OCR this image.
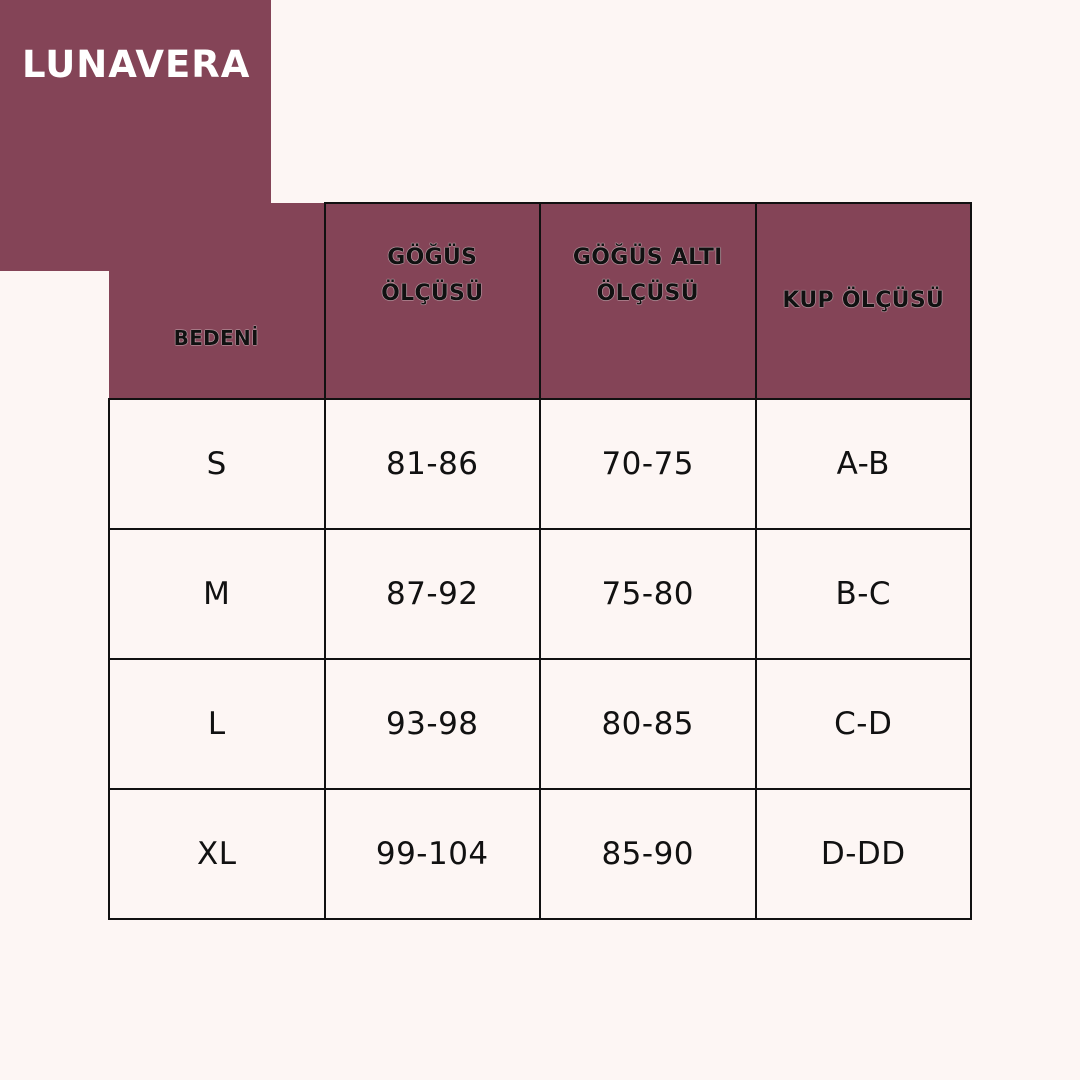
LUNAVERA
BEDENİ	GÖĞÜS ÖLÇÜSÜ	GÖĞÜS ALTI ÖLÇÜSÜ	KUP ÖLÇÜSÜ
S	81-86	70-75	A-B
M	87-92	75-80	B-C
L	93-98	80-85	C-D
XL	99-104	85-90	D-DD
